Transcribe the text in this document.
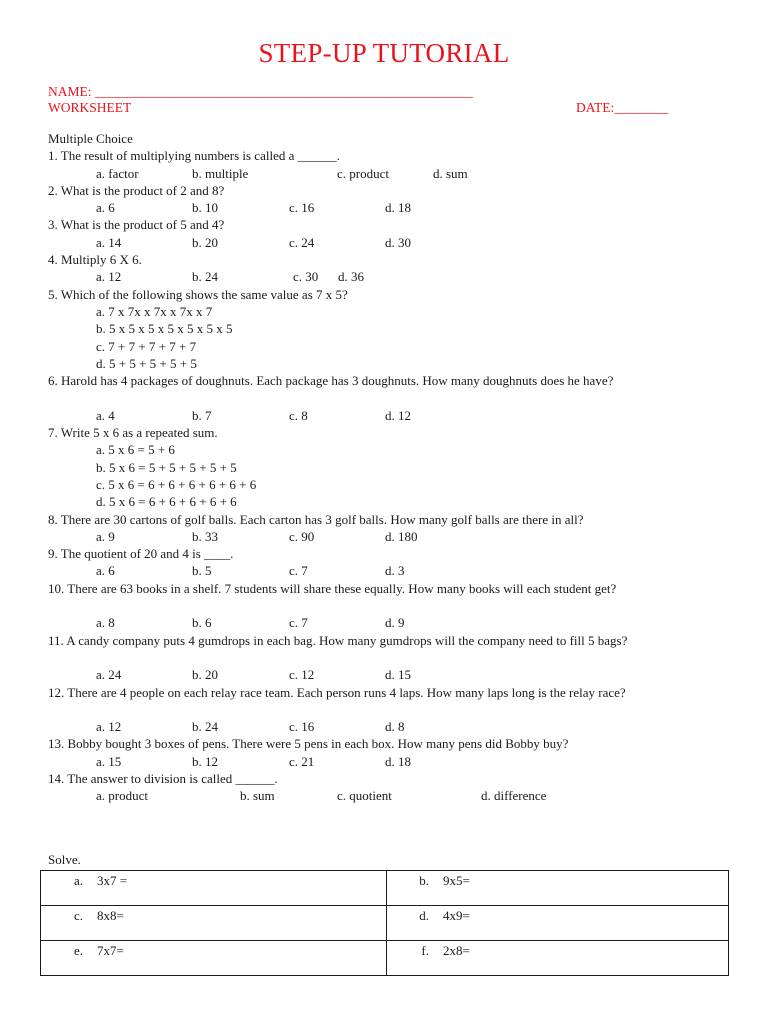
STEP-UP TUTORIAL
NAME: ________________________________________________________
WORKSHEET	DATE:________
Multiple Choice
1. The result of multiplying numbers is called a ______.
a. factor	b. multiple	c. product	d. sum
2. What is the product of 2 and 8?
a. 6	b. 10	c. 16	d. 18
3. What is the product of 5 and 4?
a. 14	b. 20	c. 24	d. 30
4. Multiply 6 X 6.
a. 12	b. 24	c. 30 d. 36
5. Which of the following shows the same value as 7 x 5?
a. 7 x 7x x 7x x 7x x 7
b. 5 x 5 x 5 x 5 x 5 x 5 x 5
c. 7 + 7 + 7 + 7 + 7
d. 5 + 5 + 5 + 5 + 5
6. Harold has 4 packages of doughnuts. Each package has 3 doughnuts. How many doughnuts does he have?
a. 4	b. 7	c. 8	d. 12
7. Write 5 x 6 as a repeated sum.
a. 5 x 6 = 5 + 6
b. 5 x 6 = 5 + 5 + 5 + 5 + 5
c. 5 x 6 = 6 + 6 + 6 + 6 + 6 + 6
d. 5 x 6 = 6 + 6 + 6 + 6 + 6
8. There are 30 cartons of golf balls. Each carton has 3 golf balls. How many golf balls are there in all?
a. 9	b. 33	c. 90	d. 180
9. The quotient of 20 and 4 is ____.
a. 6	b. 5	c. 7	d. 3
10. There are 63 books in a shelf. 7 students will share these equally. How many books will each student get?
a. 8	b. 6	c. 7	d. 9
11. A candy company puts 4 gumdrops in each bag. How many gumdrops will the company need to fill 5 bags?
a. 24	b. 20	c. 12	d. 15
12. There are 4 people on each relay race team. Each person runs 4 laps. How many laps long is the relay race?
a. 12	b. 24	c. 16	d. 8
13. Bobby bought 3 boxes of pens. There were 5 pens in each box. How many pens did Bobby buy?
a. 15	b. 12	c. 21	d. 18
14. The answer to division is called ______.
a. product	b. sum	c. quotient	d. difference
Solve.
a. 3x7 =	b. 9x5=
c. 8x8=	d. 4x9=
e. 7x7=	f. 2x8=
